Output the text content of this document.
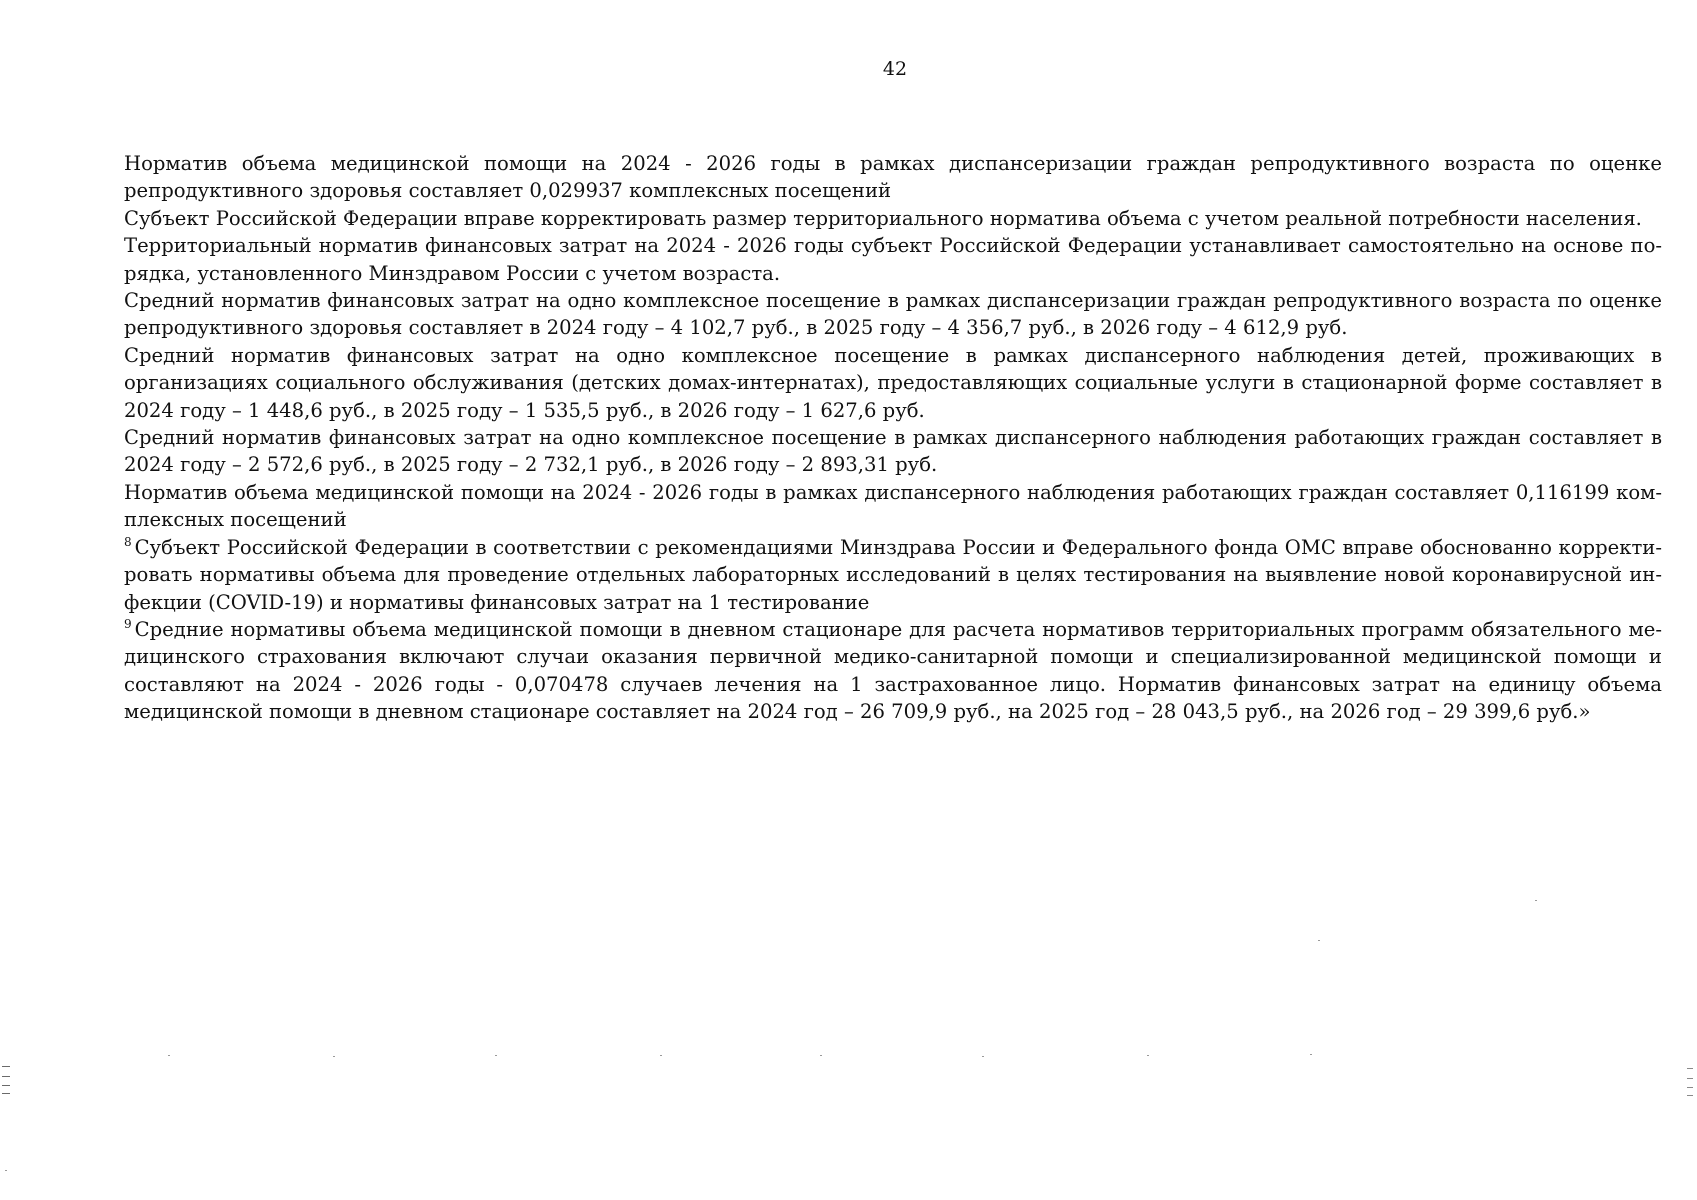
42

Норматив объема медицинской помощи на 2024 - 2026 годы в рамках диспансеризации граждан репродуктивного возраста по оценке репродуктивного здоровья составляет 0,029937 комплексных посещений

Субъект Российской Федерации вправе корректировать размер территориального норматива объема с учетом реальной потребности населения.

Территориальный норматив финансовых затрат на 2024 - 2026 годы субъект Российской Федерации устанавливает самостоятельно на основе порядка, установленного Минздравом России с учетом возраста.

Средний норматив финансовых затрат на одно комплексное посещение в рамках диспансеризации граждан репродуктивного возраста по оценке репродуктивного здоровья составляет в 2024 году – 4 102,7 руб., в 2025 году – 4 356,7 руб., в 2026 году – 4 612,9 руб.

Средний норматив финансовых затрат на одно комплексное посещение в рамках диспансерного наблюдения детей, проживающих в организациях социального обслуживания (детских домах-интернатах), предоставляющих социальные услуги в стационарной форме составляет в 2024 году – 1 448,6 руб., в 2025 году – 1 535,5 руб., в 2026 году – 1 627,6 руб.

Средний норматив финансовых затрат на одно комплексное посещение в рамках диспансерного наблюдения работающих граждан составляет в 2024 году – 2 572,6 руб., в 2025 году – 2 732,1 руб., в 2026 году – 2 893,31 руб.

Норматив объема медицинской помощи на 2024 - 2026 годы в рамках диспансерного наблюдения работающих граждан составляет 0,116199 комплексных посещений

$^8$ Субъект Российской Федерации в соответствии с рекомендациями Минздрава России и Федерального фонда ОМС вправе обоснованно корректировать нормативы объема для проведение отдельных лабораторных исследований в целях тестирования на выявление новой коронавирусной инфекции (COVID-19) и нормативы финансовых затрат на 1 тестирование

$^9$ Средние нормативы объема медицинской помощи в дневном стационаре для расчета нормативов территориальных программ обязательного медицинского страхования включают случаи оказания первичной медико-санитарной помощи и специализированной медицинской помощи и составляют на 2024 - 2026 годы - 0,070478 случаев лечения на 1 застрахованное лицо. Норматив финансовых затрат на единицу объема медицинской помощи в дневном стационаре составляет на 2024 год – 26 709,9 руб., на 2025 год – 28 043,5 руб., на 2026 год – 29 399,6 руб.»
